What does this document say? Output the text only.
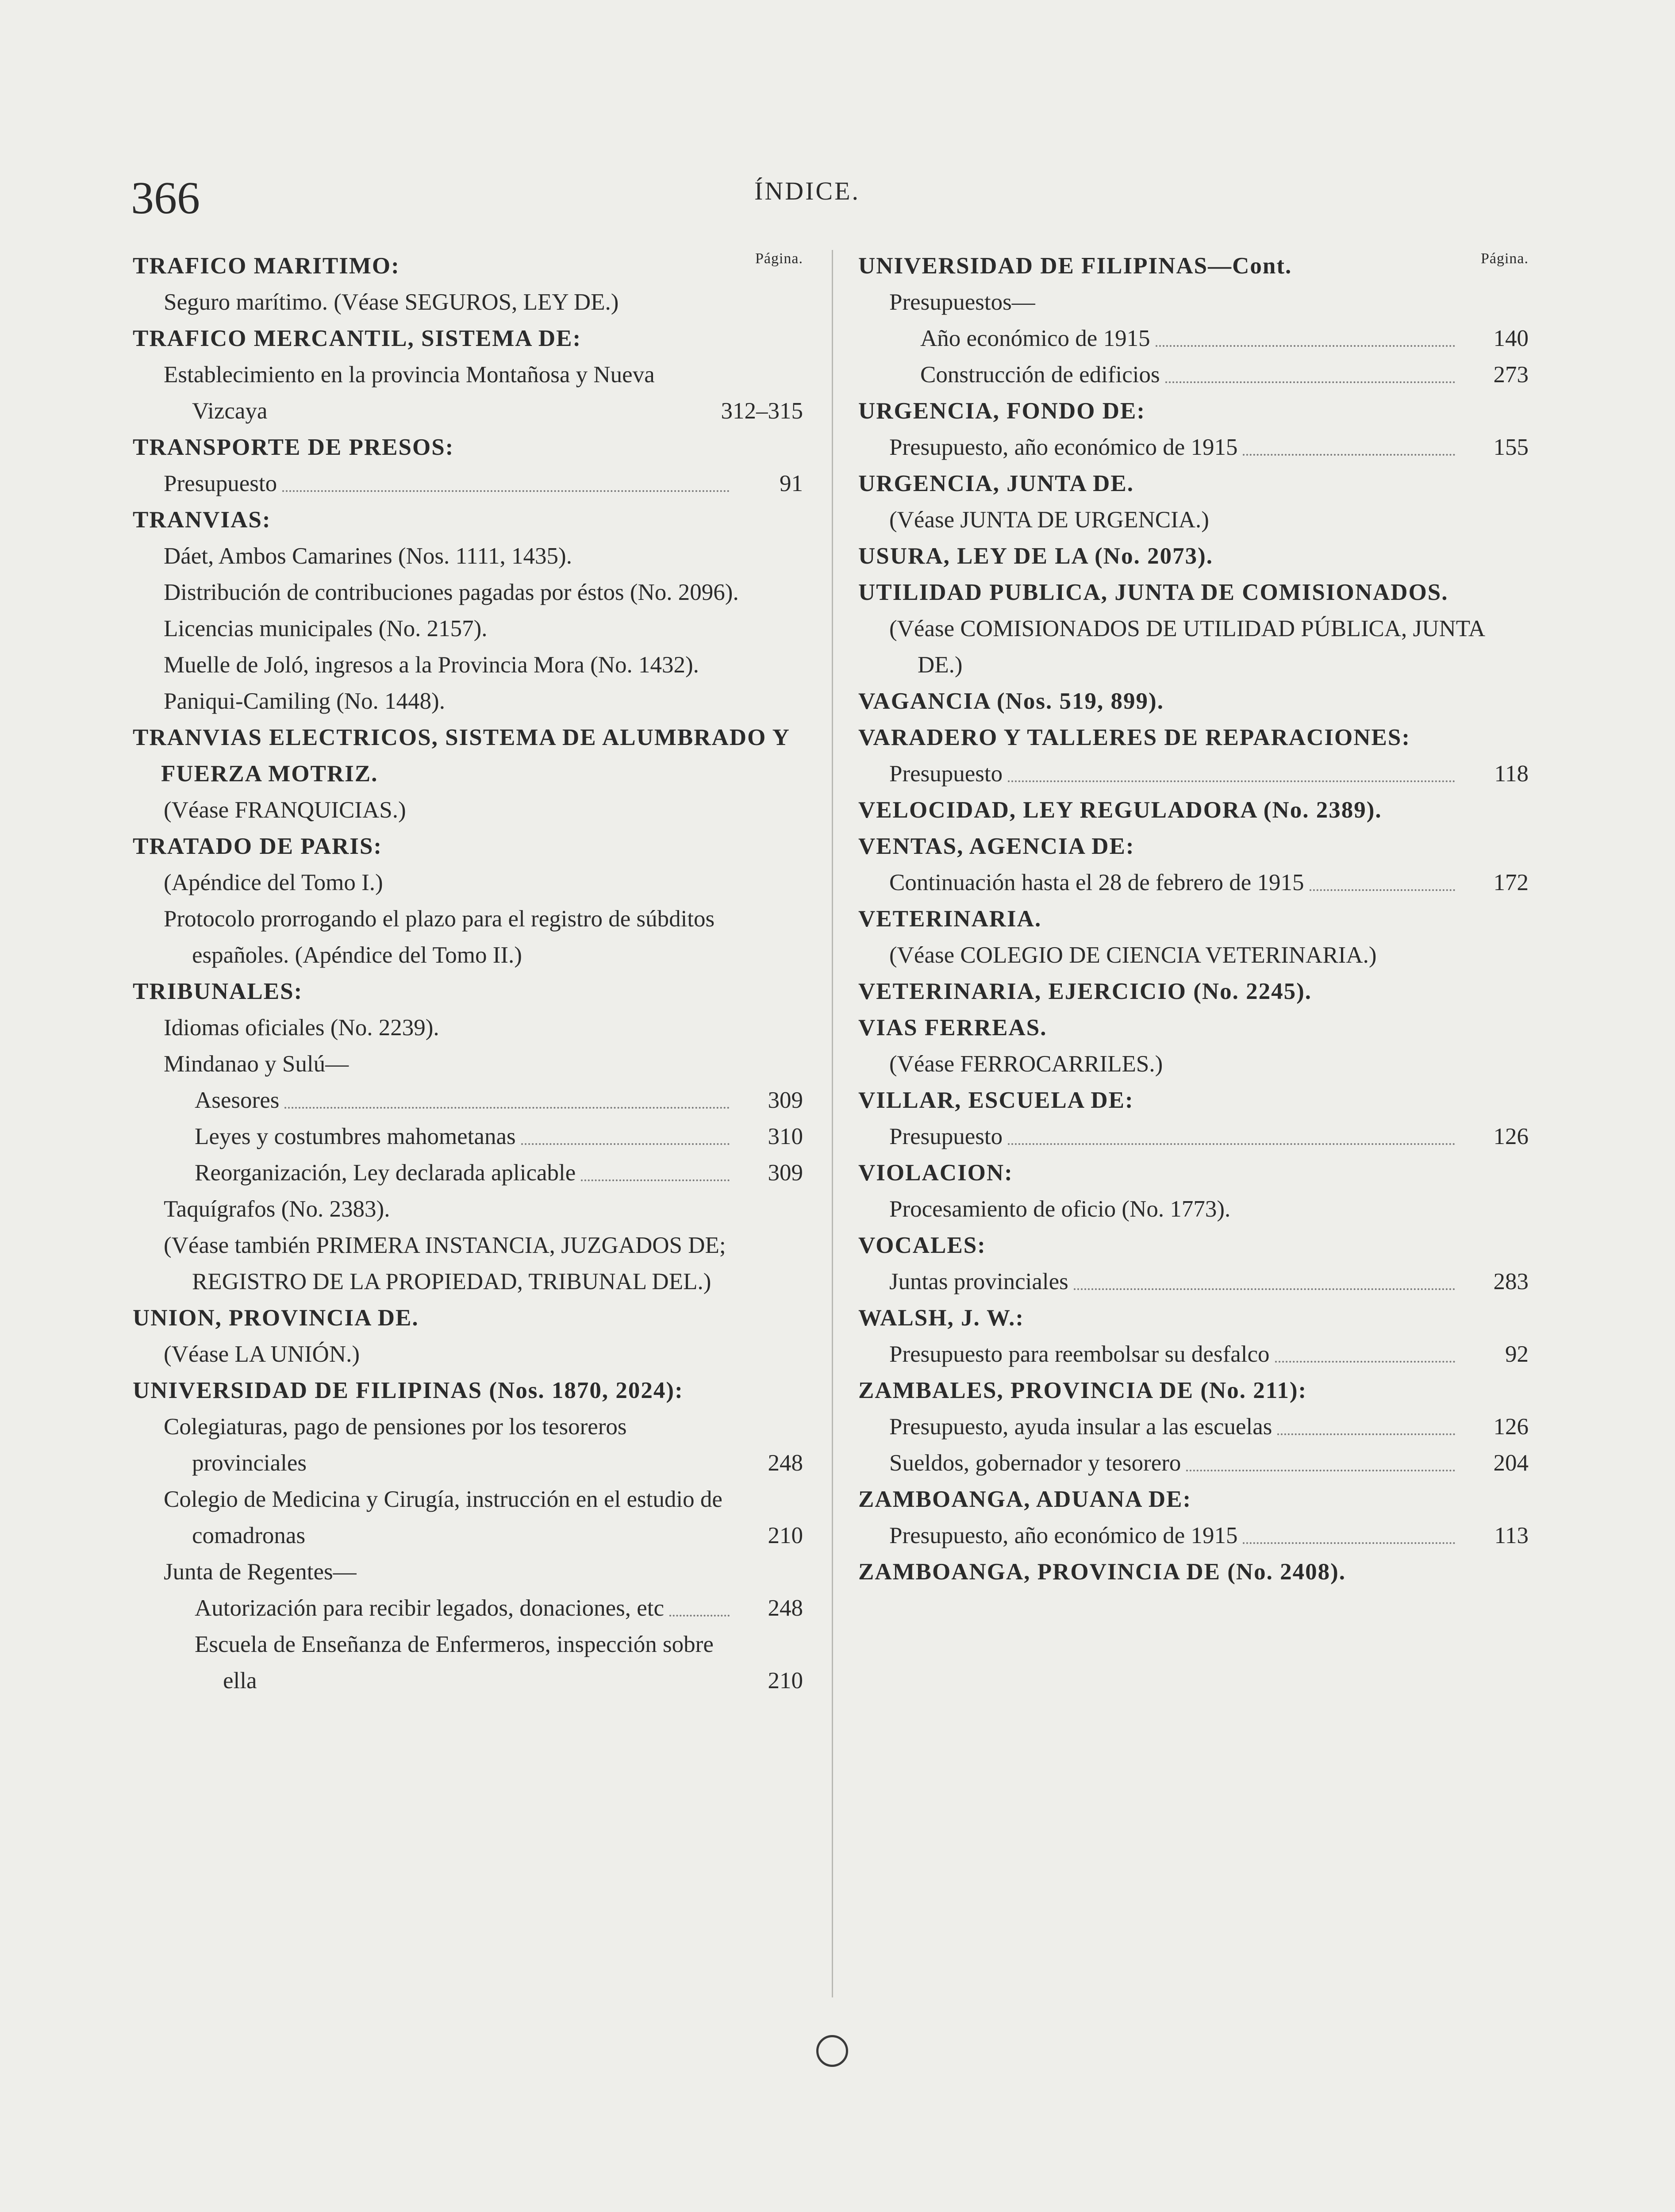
366	ÍNDICE.
Página.
TRAFICO MARITIMO:
Seguro marítimo. (Véase SEGUROS, LEY DE.)
TRAFICO MERCANTIL, SISTEMA DE:
Establecimiento en la provincia Montañosa y Nueva Vizcaya	312–315
TRANSPORTE DE PRESOS:
Presupuesto	91
TRANVIAS:
Dáet, Ambos Camarines (Nos. 1111, 1435).
Distribución de contribuciones pagadas por éstos (No. 2096).
Licencias municipales (No. 2157).
Muelle de Joló, ingresos a la Provincia Mora (No. 1432).
Paniqui-Camiling (No. 1448).
TRANVIAS ELECTRICOS, SISTEMA DE ALUMBRADO Y FUERZA MOTRIZ.
(Véase FRANQUICIAS.)
TRATADO DE PARIS:
(Apéndice del Tomo I.)
Protocolo prorrogando el plazo para el registro de súbditos españoles. (Apéndice del Tomo II.)
TRIBUNALES:
Idiomas oficiales (No. 2239).
Mindanao y Sulú—
Asesores	309
Leyes y costumbres mahometanas	310
Reorganización, Ley declarada aplicable	309
Taquígrafos (No. 2383).
(Véase también PRIMERA INSTANCIA, JUZGADOS DE; REGISTRO DE LA PROPIEDAD, TRIBUNAL DEL.)
UNION, PROVINCIA DE.
(Véase LA UNIÓN.)
UNIVERSIDAD DE FILIPINAS (Nos. 1870, 2024):
Colegiaturas, pago de pensiones por los tesoreros provinciales	248
Colegio de Medicina y Cirugía, instrucción en el estudio de comadronas	210
Junta de Regentes—
Autorización para recibir legados, donaciones, etc	248
Escuela de Enseñanza de Enfermeros, inspección sobre ella	210
Página.
UNIVERSIDAD DE FILIPINAS—Cont.
Presupuestos—
Año económico de 1915	140
Construcción de edificios	273
URGENCIA, FONDO DE:
Presupuesto, año económico de 1915	155
URGENCIA, JUNTA DE.
(Véase JUNTA DE URGENCIA.)
USURA, LEY DE LA (No. 2073).
UTILIDAD PUBLICA, JUNTA DE COMISIONADOS.
(Véase COMISIONADOS DE UTILIDAD PÚBLICA, JUNTA DE.)
VAGANCIA (Nos. 519, 899).
VARADERO Y TALLERES DE REPARACIONES:
Presupuesto	118
VELOCIDAD, LEY REGULADORA (No. 2389).
VENTAS, AGENCIA DE:
Continuación hasta el 28 de febrero de 1915	172
VETERINARIA.
(Véase COLEGIO DE CIENCIA VETERINARIA.)
VETERINARIA, EJERCICIO (No. 2245).
VIAS FERREAS.
(Véase FERROCARRILES.)
VILLAR, ESCUELA DE:
Presupuesto	126
VIOLACION:
Procesamiento de oficio (No. 1773).
VOCALES:
Juntas provinciales	283
WALSH, J. W.:
Presupuesto para reembolsar su desfalco	92
ZAMBALES, PROVINCIA DE (No. 211):
Presupuesto, ayuda insular a las escuelas	126
Sueldos, gobernador y tesorero	204
ZAMBOANGA, ADUANA DE:
Presupuesto, año económico de 1915	113
ZAMBOANGA, PROVINCIA DE (No. 2408).
